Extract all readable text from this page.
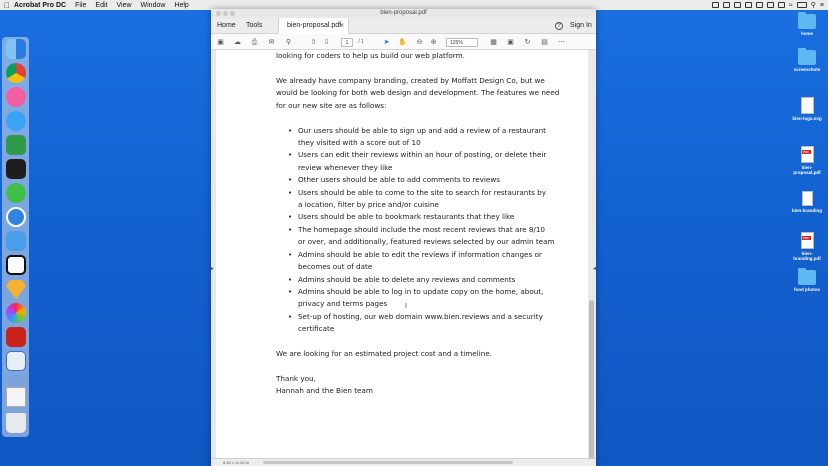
Acrobat Pro DC File Edit View Window Help	≈	⚲ ≡
home
screenshots
bien-logo.svg
PDF
bien-proposal.pdf
bien-branding
PDF
bien-branding.pdf
food photos
bien-proposal.pdf
Home Tools	bien-proposal.pdf
×	?	Sign In
▣ ☁ ⎙ ✉ ⚲	⇧ ⇩	1	/ 1	➤ ✋ ⊖ ⊕	125%	▦ ▣ ↻ ▤ ⋯

looking for coders to help us build our web platform.

We already have company branding, created by Moffatt Design Co, but we would be looking for both web design and development. The features we need for our new site are as follows:

• Our users should be able to sign up and add a review of a restaurant
they visited with a score out of 10
• Users can edit their reviews within an hour of posting, or delete their
review whenever they like
• Other users should be able to add comments to reviews
• Users should be able to come to the site to search for restaurants by
a location, filter by price and/or cuisine
• Users should be able to bookmark restaurants that they like
• The homepage should include the most recent reviews that are 8/10
or over, and additionally, featured reviews selected by our admin team
• Admins should be able to edit the reviews if information changes or
becomes out of date
• Admins should be able to delete any reviews and comments
• Admins should be able to log in to update copy on the home, about,
privacy and terms pages
• Set-up of hosting, our web domain www.bien.reviews and a security
certificate

We are looking for an estimated project cost and a timeline.

Thank you,

Hannah and the Bien team

I
▸	◂
8.50 x 11.00 in
